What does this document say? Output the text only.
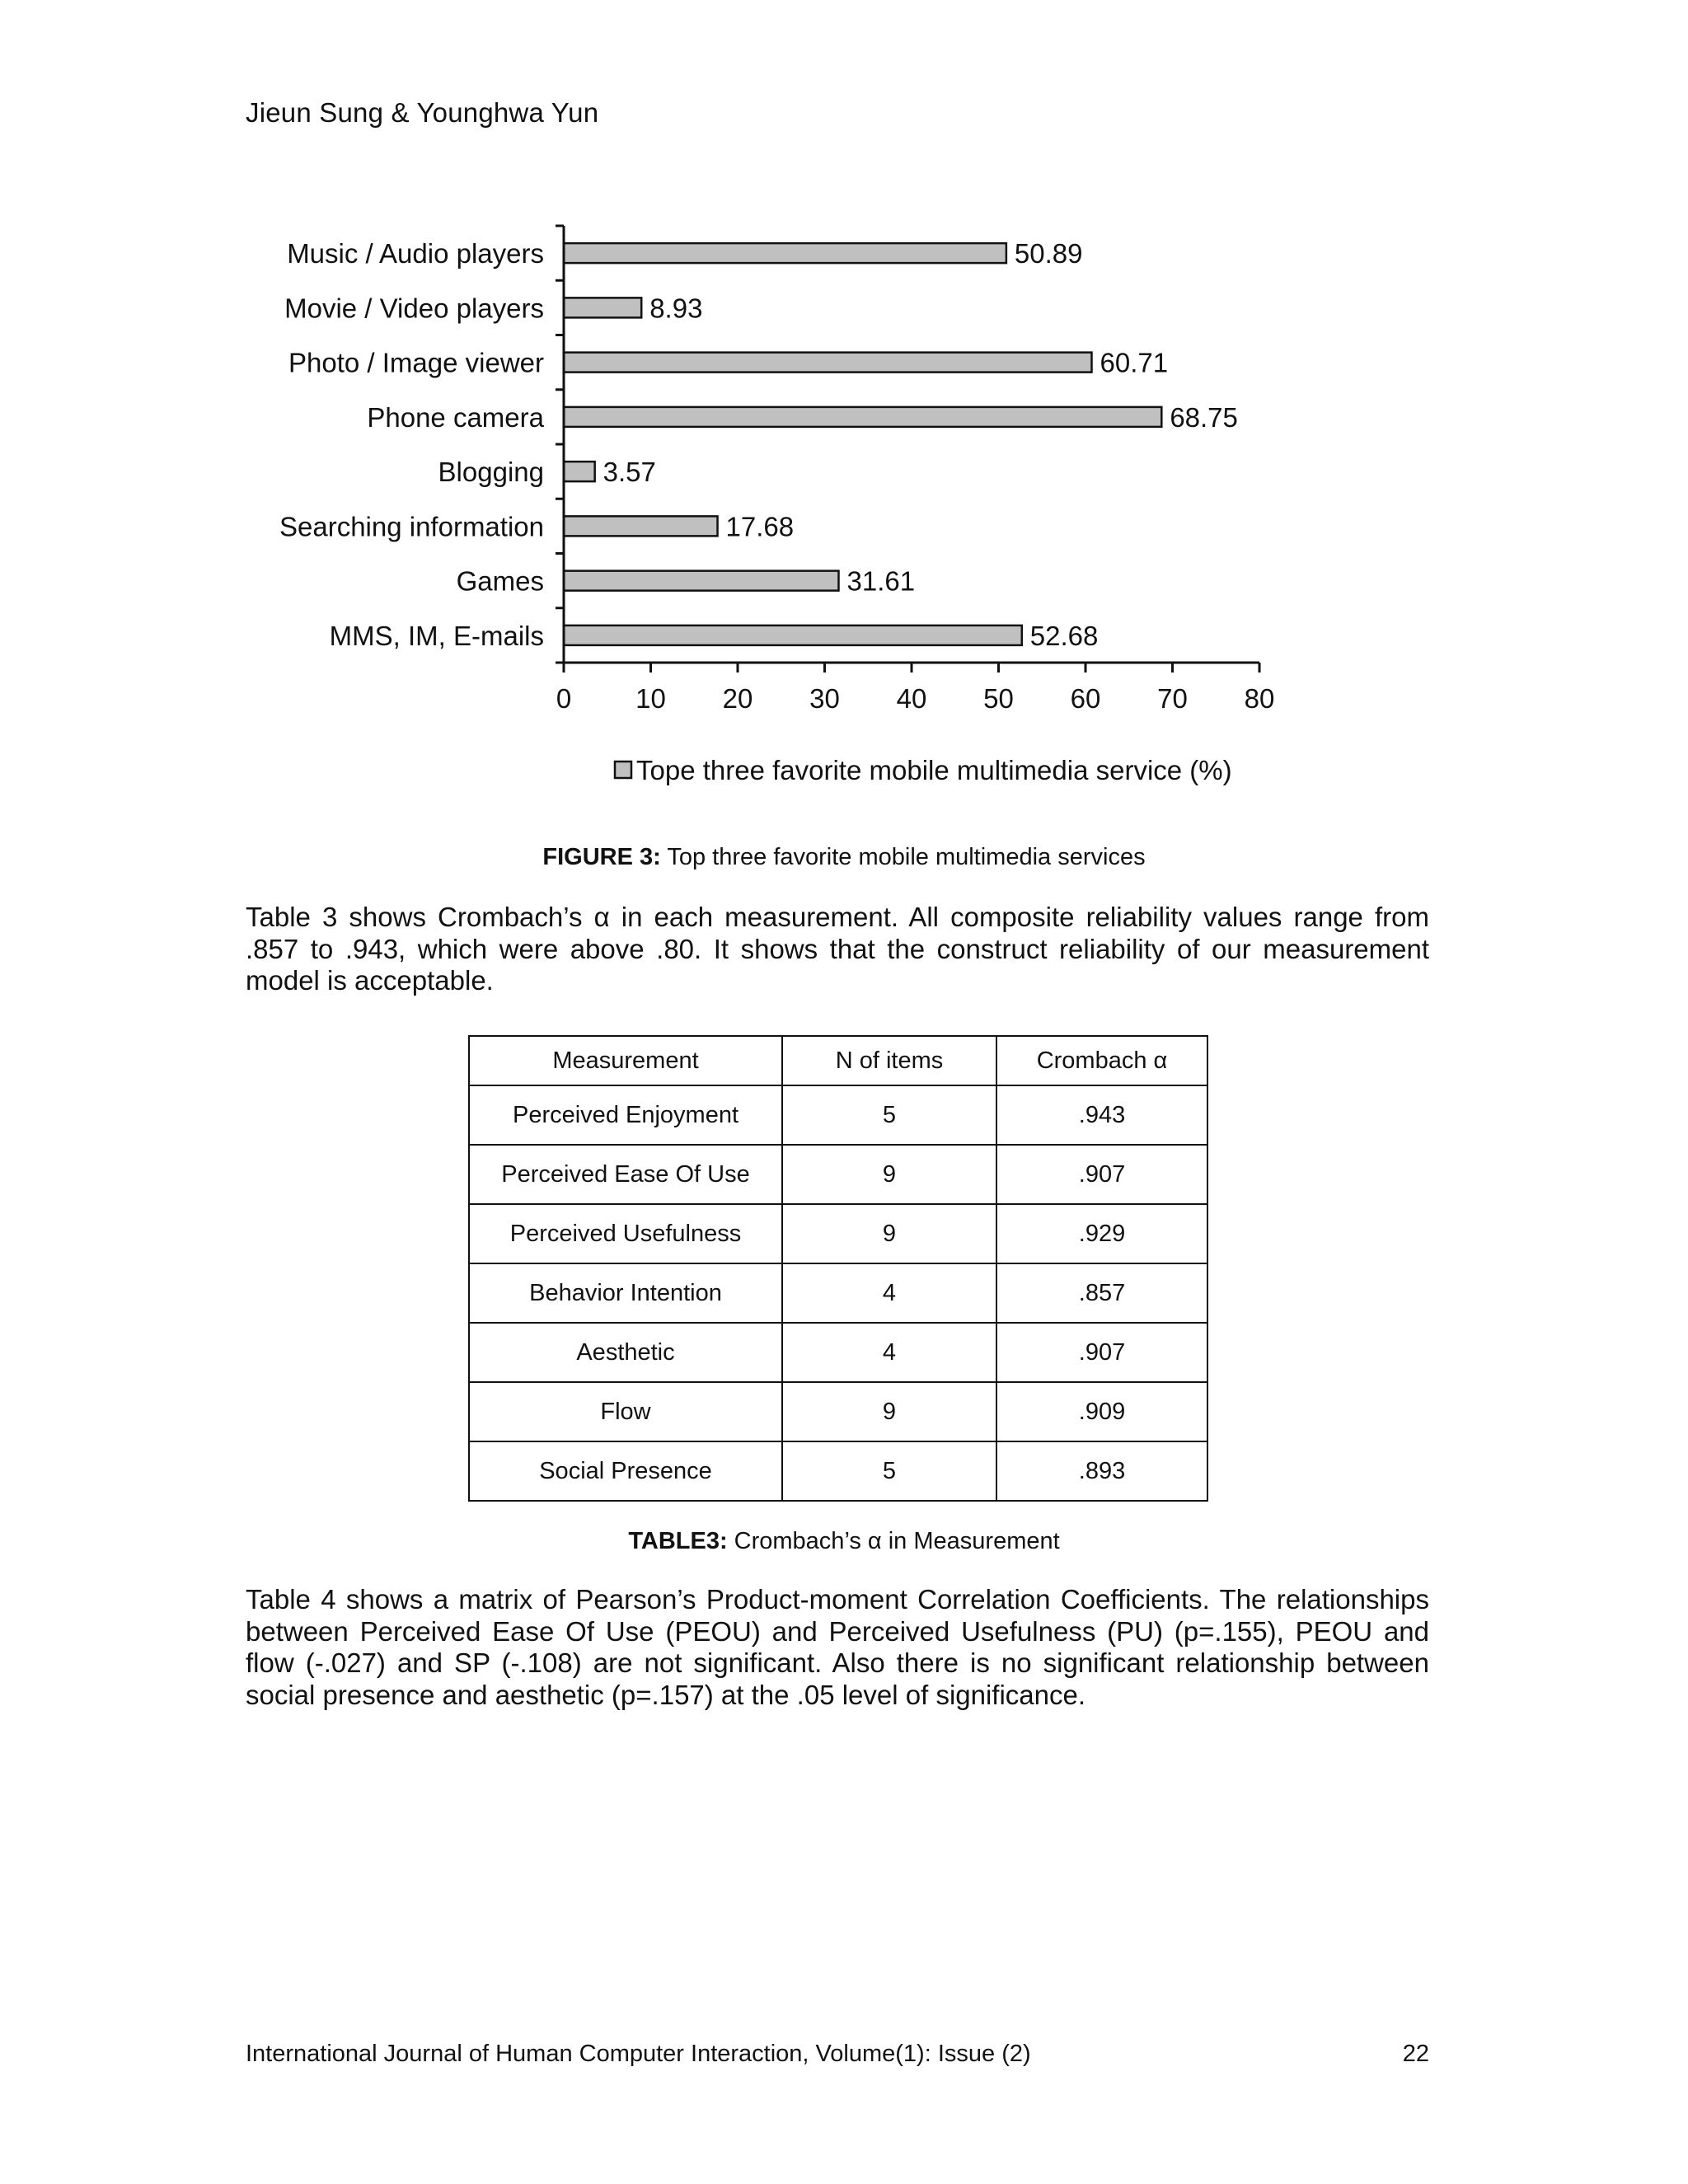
Jieun Sung & Younghwa Yun
Music / Audio players	50.89
Movie / Video players	8.93
Photo / Image viewer	60.71
Phone camera	68.75
Blogging 3.57
Searching information	17.68
Games	31.61
MMS, IM, E-mails	52.68
0 10 20 30 40 50 60 70 80
Tope three favorite mobile multimedia service (%)
FIGURE 3: Top three favorite mobile multimedia services
Table 3 shows Crombach’s α in each measurement. All composite reliability values range from .857 to .943, which were above .80. It shows that the construct reliability of our measurement model is acceptable.
Measurement	N of items	Crombach α
Perceived Enjoyment	5	.943
Perceived Ease Of Use	9	.907
Perceived Usefulness	9	.929
Behavior Intention	4	.857
Aesthetic	4	.907
Flow	9	.909
Social Presence	5	.893
TABLE3: Crombach’s α in Measurement
Table 4 shows a matrix of Pearson’s Product-moment Correlation Coefficients. The relationships between Perceived Ease Of Use (PEOU) and Perceived Usefulness (PU) (p=.155), PEOU and flow (-.027) and SP (-.108) are not significant. Also there is no significant relationship between social presence and aesthetic (p=.157) at the .05 level of significance.
International Journal of Human Computer Interaction, Volume(1): Issue (2)	22
